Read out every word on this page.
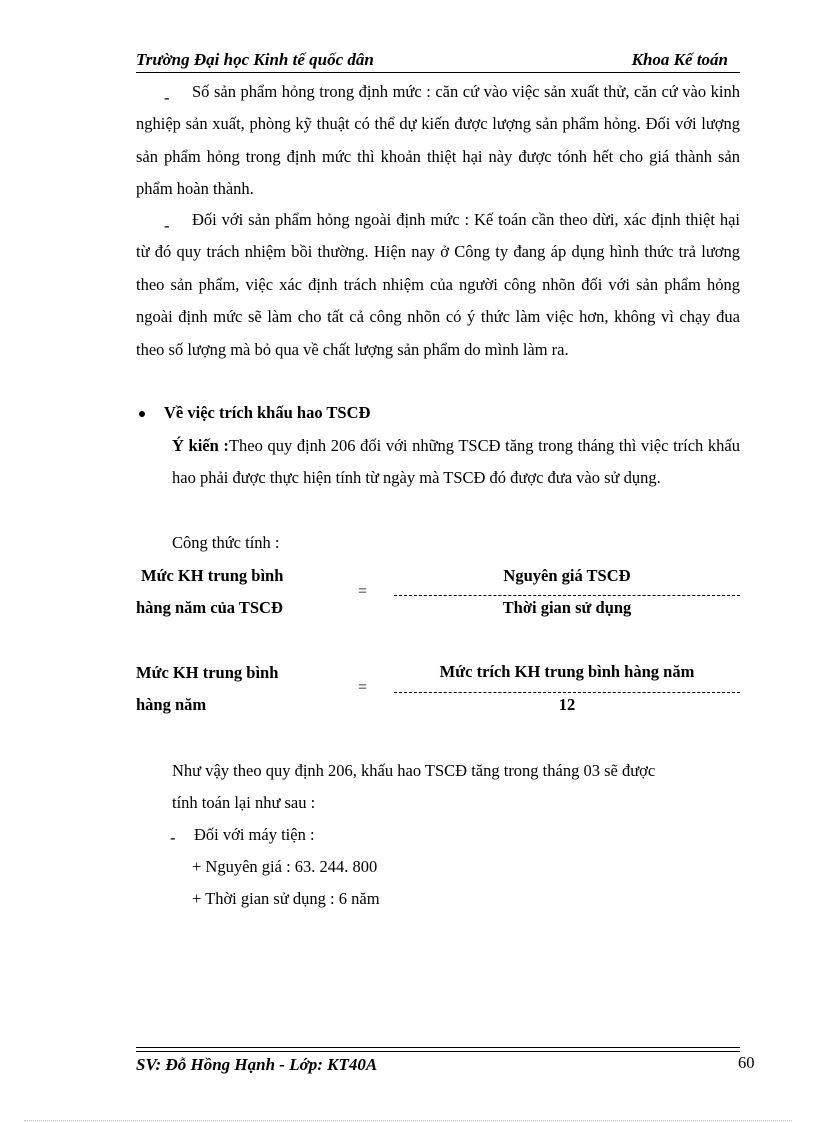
Trường Đại học Kinh tế quốc dân	Khoa Kế toán
-	Số sản phẩm hỏng trong định mức : căn cứ vào việc sản xuất thử, căn cứ vào kinh nghiệp sản xuất, phòng kỹ thuật có thể dự kiến được lượng sản phẩm hỏng. Đối với lượng sản phẩm hỏng trong định mức thì khoản thiệt hại này được tónh hết cho giá thành sản phẩm hoàn thành.
-	Đối với sản phẩm hỏng ngoài định mức : Kế toán cần theo dừi, xác định thiệt hại từ đó quy trách nhiệm bồi thường. Hiện nay ở Công ty đang áp dụng hình thức trả lương theo sản phẩm, việc xác định trách nhiệm của người công nhõn đối với sản phẩm hỏng ngoài định mức sẽ làm cho tất cả công nhõn có ý thức làm việc hơn, không vì chạy đua theo số lượng mà bỏ qua về chất lượng sản phẩm do mình làm ra.
Về việc trích khấu hao TSCĐ
Ý kiến :Theo quy định 206 đối với những TSCĐ tăng trong tháng thì việc trích khấu hao phải được thực hiện tính từ ngày mà TSCĐ đó được đưa vào sử dụng.
Công thức tính :
Mức KH trung bình
hàng năm của TSCĐ
=
Nguyên giá TSCĐ
Thời gian sử dụng
Mức KH trung bình
hàng năm
=
Mức trích KH trung bình hàng năm
12
Như vậy theo quy định 206, khấu hao TSCĐ tăng trong tháng 03 sẽ được
tính toán lại như sau :
- Đối với máy tiện :
+ Nguyên giá : 63. 244. 800
+ Thời gian sử dụng : 6 năm
SV: Đỗ Hồng Hạnh - Lớp: KT40A	60
